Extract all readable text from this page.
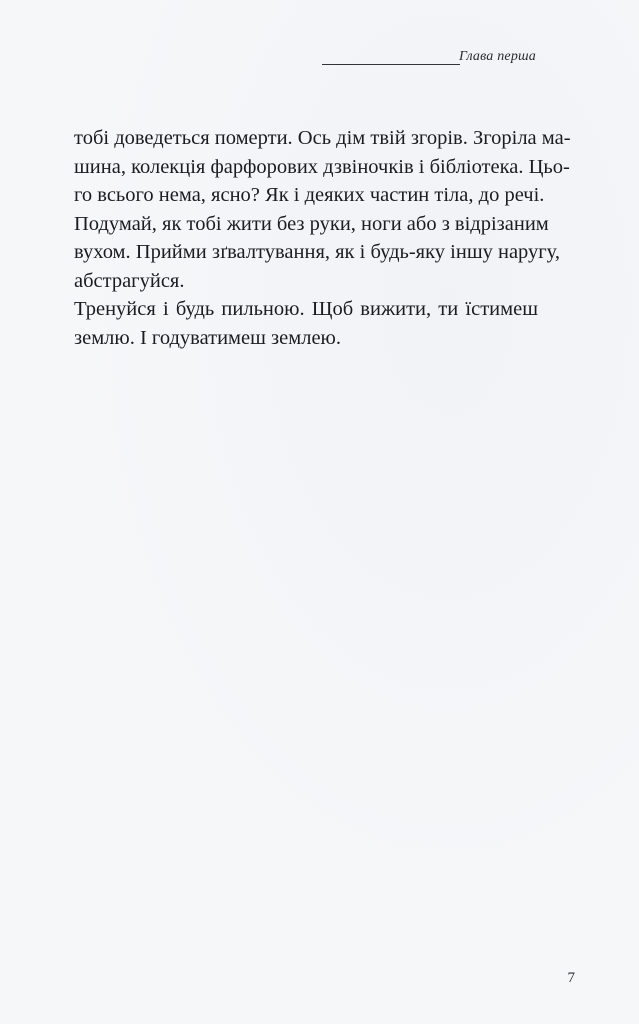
Глава перша
тобі доведеться померти. Ось дім твій згорів. Згоріла ма-
шина, колекція фарфорових дзвіночків і бібліотека. Цьо-
го всього нема, ясно? Як і деяких частин тіла, до речі.
Подумай, як тобі жити без руки, ноги або з відрізаним
вухом. Прийми зґвалтування, як і будь-яку іншу наругу,
абстрагуйся.
Тренуйся і будь пильною. Щоб вижити, ти їстимеш
землю. І годуватимеш землею.
7
